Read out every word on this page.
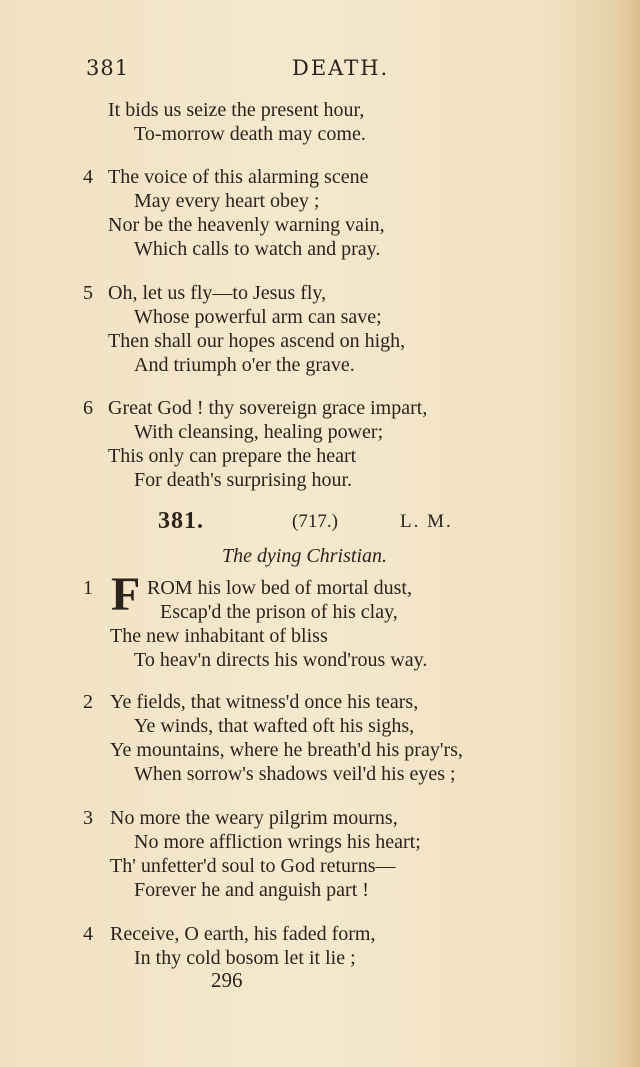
381	DEATH.
It bids us seize the present hour,
To-morrow death may come.
4 The voice of this alarming scene
May every heart obey ;
Nor be the heavenly warning vain,
Which calls to watch and pray.
5 Oh, let us fly—to Jesus fly,
Whose powerful arm can save;
Then shall our hopes ascend on high,
And triumph o'er the grave.
6 Great God ! thy sovereign grace impart,
With cleansing, healing power;
This only can prepare the heart
For death's surprising hour.
381.	(717.)	L. M.
The dying Christian.
1 F ROM his low bed of mortal dust,
Escap'd the prison of his clay,
The new inhabitant of bliss
To heav'n directs his wond'rous way.
2 Ye fields, that witness'd once his tears,
Ye winds, that wafted oft his sighs,
Ye mountains, where he breath'd his pray'rs,
When sorrow's shadows veil'd his eyes ;
3 No more the weary pilgrim mourns,
No more affliction wrings his heart;
Th' unfetter'd soul to God returns—
Forever he and anguish part !
4 Receive, O earth, his faded form,
In thy cold bosom let it lie ;
296
